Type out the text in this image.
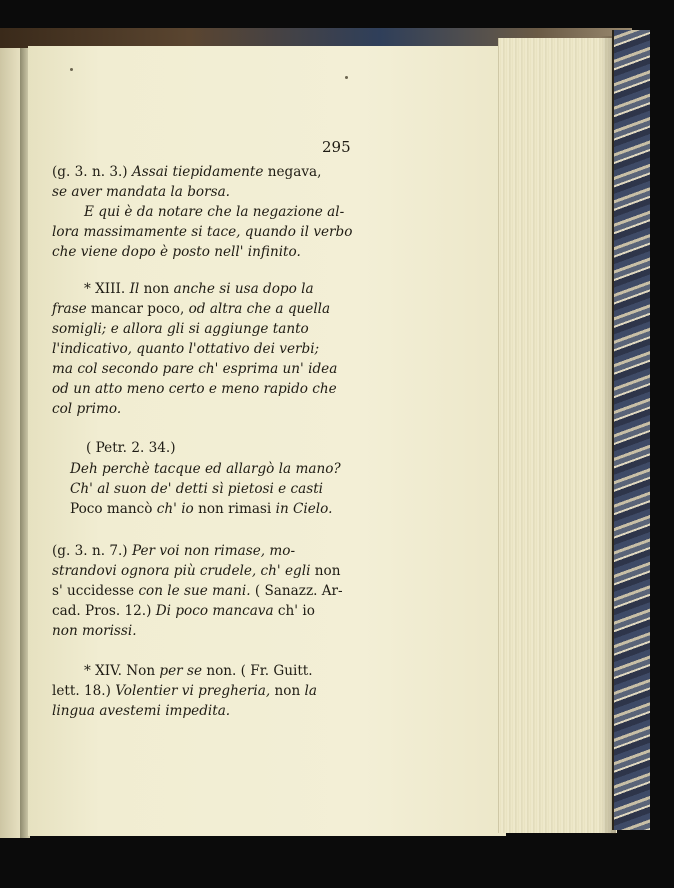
295
(g. 3. n. 3.) Assai tiepidamente negava,
se aver mandata la borsa.
E qui è da notare che la negazione al-
lora massimamente si tace, quando il verbo
che viene dopo è posto nell' infinito.
* XIII. Il non anche si usa dopo la
frase mancar poco, od altra che a quella
somigli; e allora gli si aggiunge tanto
l'indicativo, quanto l'ottativo dei verbi;
ma col secondo pare ch' esprima un' idea
od un atto meno certo e meno rapido che
col primo.
( Petr. 2. 34.)
Deh perchè tacque ed allargò la mano?
Ch' al suon de' detti sì pietosi e casti
Poco mancò ch' io non rimasi in Cielo.
(g. 3. n. 7.) Per voi non rimase, mo-
strandovi ognora più crudele, ch' egli non
s' uccidesse con le sue mani. ( Sanazz. Ar-
cad. Pros. 12.) Di poco mancava ch' io
non morissi.
* XIV. Non per se non. ( Fr. Guitt.
lett. 18.) Volentier vi pregheria, non la
lingua avestemi impedita.
